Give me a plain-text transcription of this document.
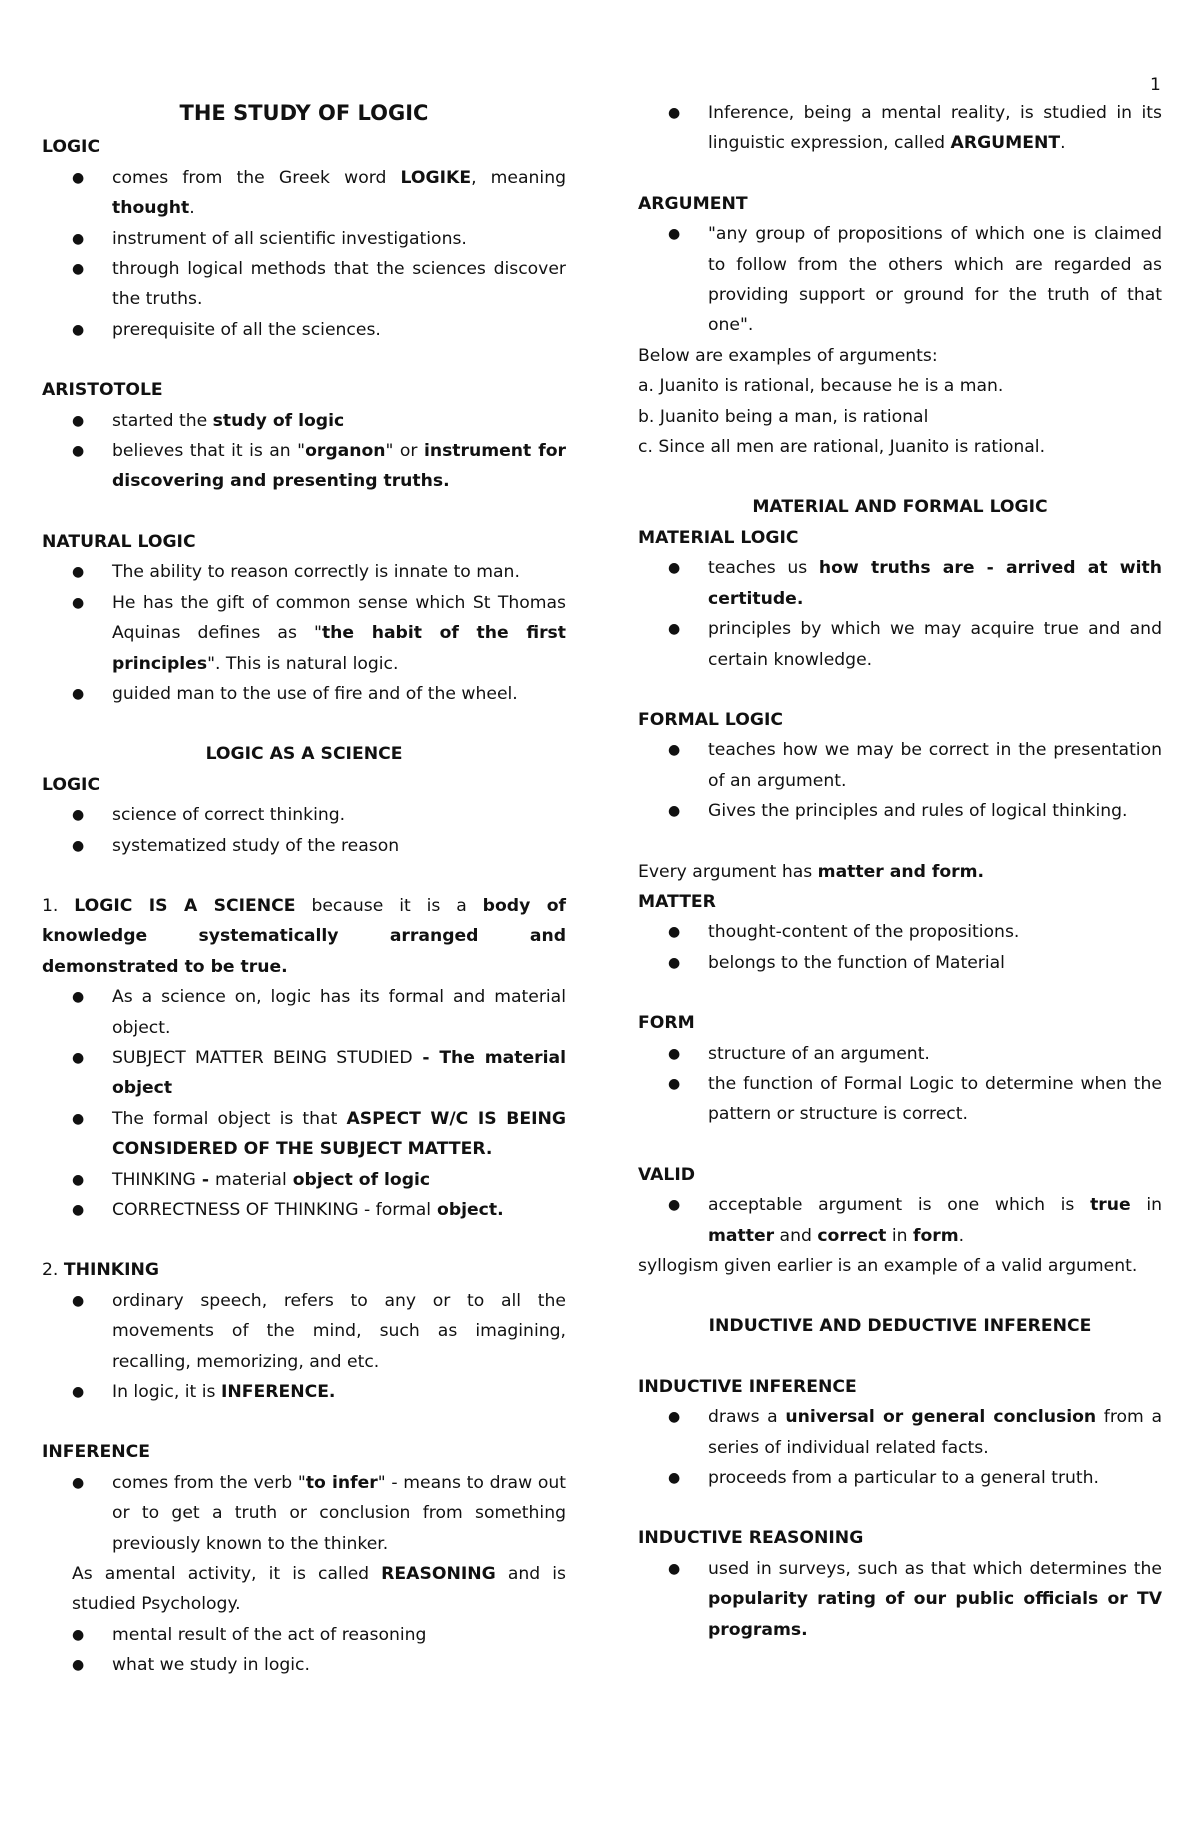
1

THE STUDY OF LOGIC

LOGIC

● comes from the Greek word LOGIKE, meaning thought.
● instrument of all scientific investigations.
● through logical methods that the sciences discover the truths.
● prerequisite of all the sciences.

ARISTOTOLE

● started the study of logic
● believes that it is an "organon" or instrument for discovering and presenting truths.

NATURAL LOGIC

● The ability to reason correctly is innate to man.
● He has the gift of common sense which St Thomas Aquinas defines as "the habit of the first principles". This is natural logic.
● guided man to the use of fire and of the wheel.

LOGIC AS A SCIENCE

LOGIC

● science of correct thinking.
● systematized study of the reason

1. LOGIC IS A SCIENCE because it is a body of knowledge systematically arranged and demonstrated to be true.

● As a science on, logic has its formal and material object.
● SUBJECT MATTER BEING STUDIED - The material object
● The formal object is that ASPECT W/C IS BEING CONSIDERED OF THE SUBJECT MATTER.
● THINKING - material object of logic
● CORRECTNESS OF THINKING - formal object.

2. THINKING

● ordinary speech, refers to any or to all the movements of the mind, such as imagining, recalling, memorizing, and etc.
● In logic, it is INFERENCE.

INFERENCE

● comes from the verb "to infer" - means to draw out or to get a truth or conclusion from something previously known to the thinker.

As amental activity, it is called REASONING and is studied Psychology.

● mental result of the act of reasoning
● what we study in logic.
● Inference, being a mental reality, is studied in its linguistic expression, called ARGUMENT.

ARGUMENT

● "any group of propositions of which one is claimed to follow from the others which are regarded as providing support or ground for the truth of that one".

Below are examples of arguments:

a. Juanito is rational, because he is a man.

b. Juanito being a man, is rational

c. Since all men are rational, Juanito is rational.

MATERIAL AND FORMAL LOGIC

MATERIAL LOGIC

● teaches us how truths are - arrived at with certitude.
● principles by which we may acquire true and and certain knowledge.

FORMAL LOGIC

● teaches how we may be correct in the presentation of an argument.
● Gives the principles and rules of logical thinking.

Every argument has matter and form.

MATTER

● thought-content of the propositions.
● belongs to the function of Material

FORM

● structure of an argument.
● the function of Formal Logic to determine when the pattern or structure is correct.

VALID

● acceptable argument is one which is true in matter and correct in form.

syllogism given earlier is an example of a valid argument.

INDUCTIVE AND DEDUCTIVE INFERENCE

INDUCTIVE INFERENCE

● draws a universal or general conclusion from a series of individual related facts.
● proceeds from a particular to a general truth.

INDUCTIVE REASONING

● used in surveys, such as that which determines the popularity rating of our public officials or TV programs.
